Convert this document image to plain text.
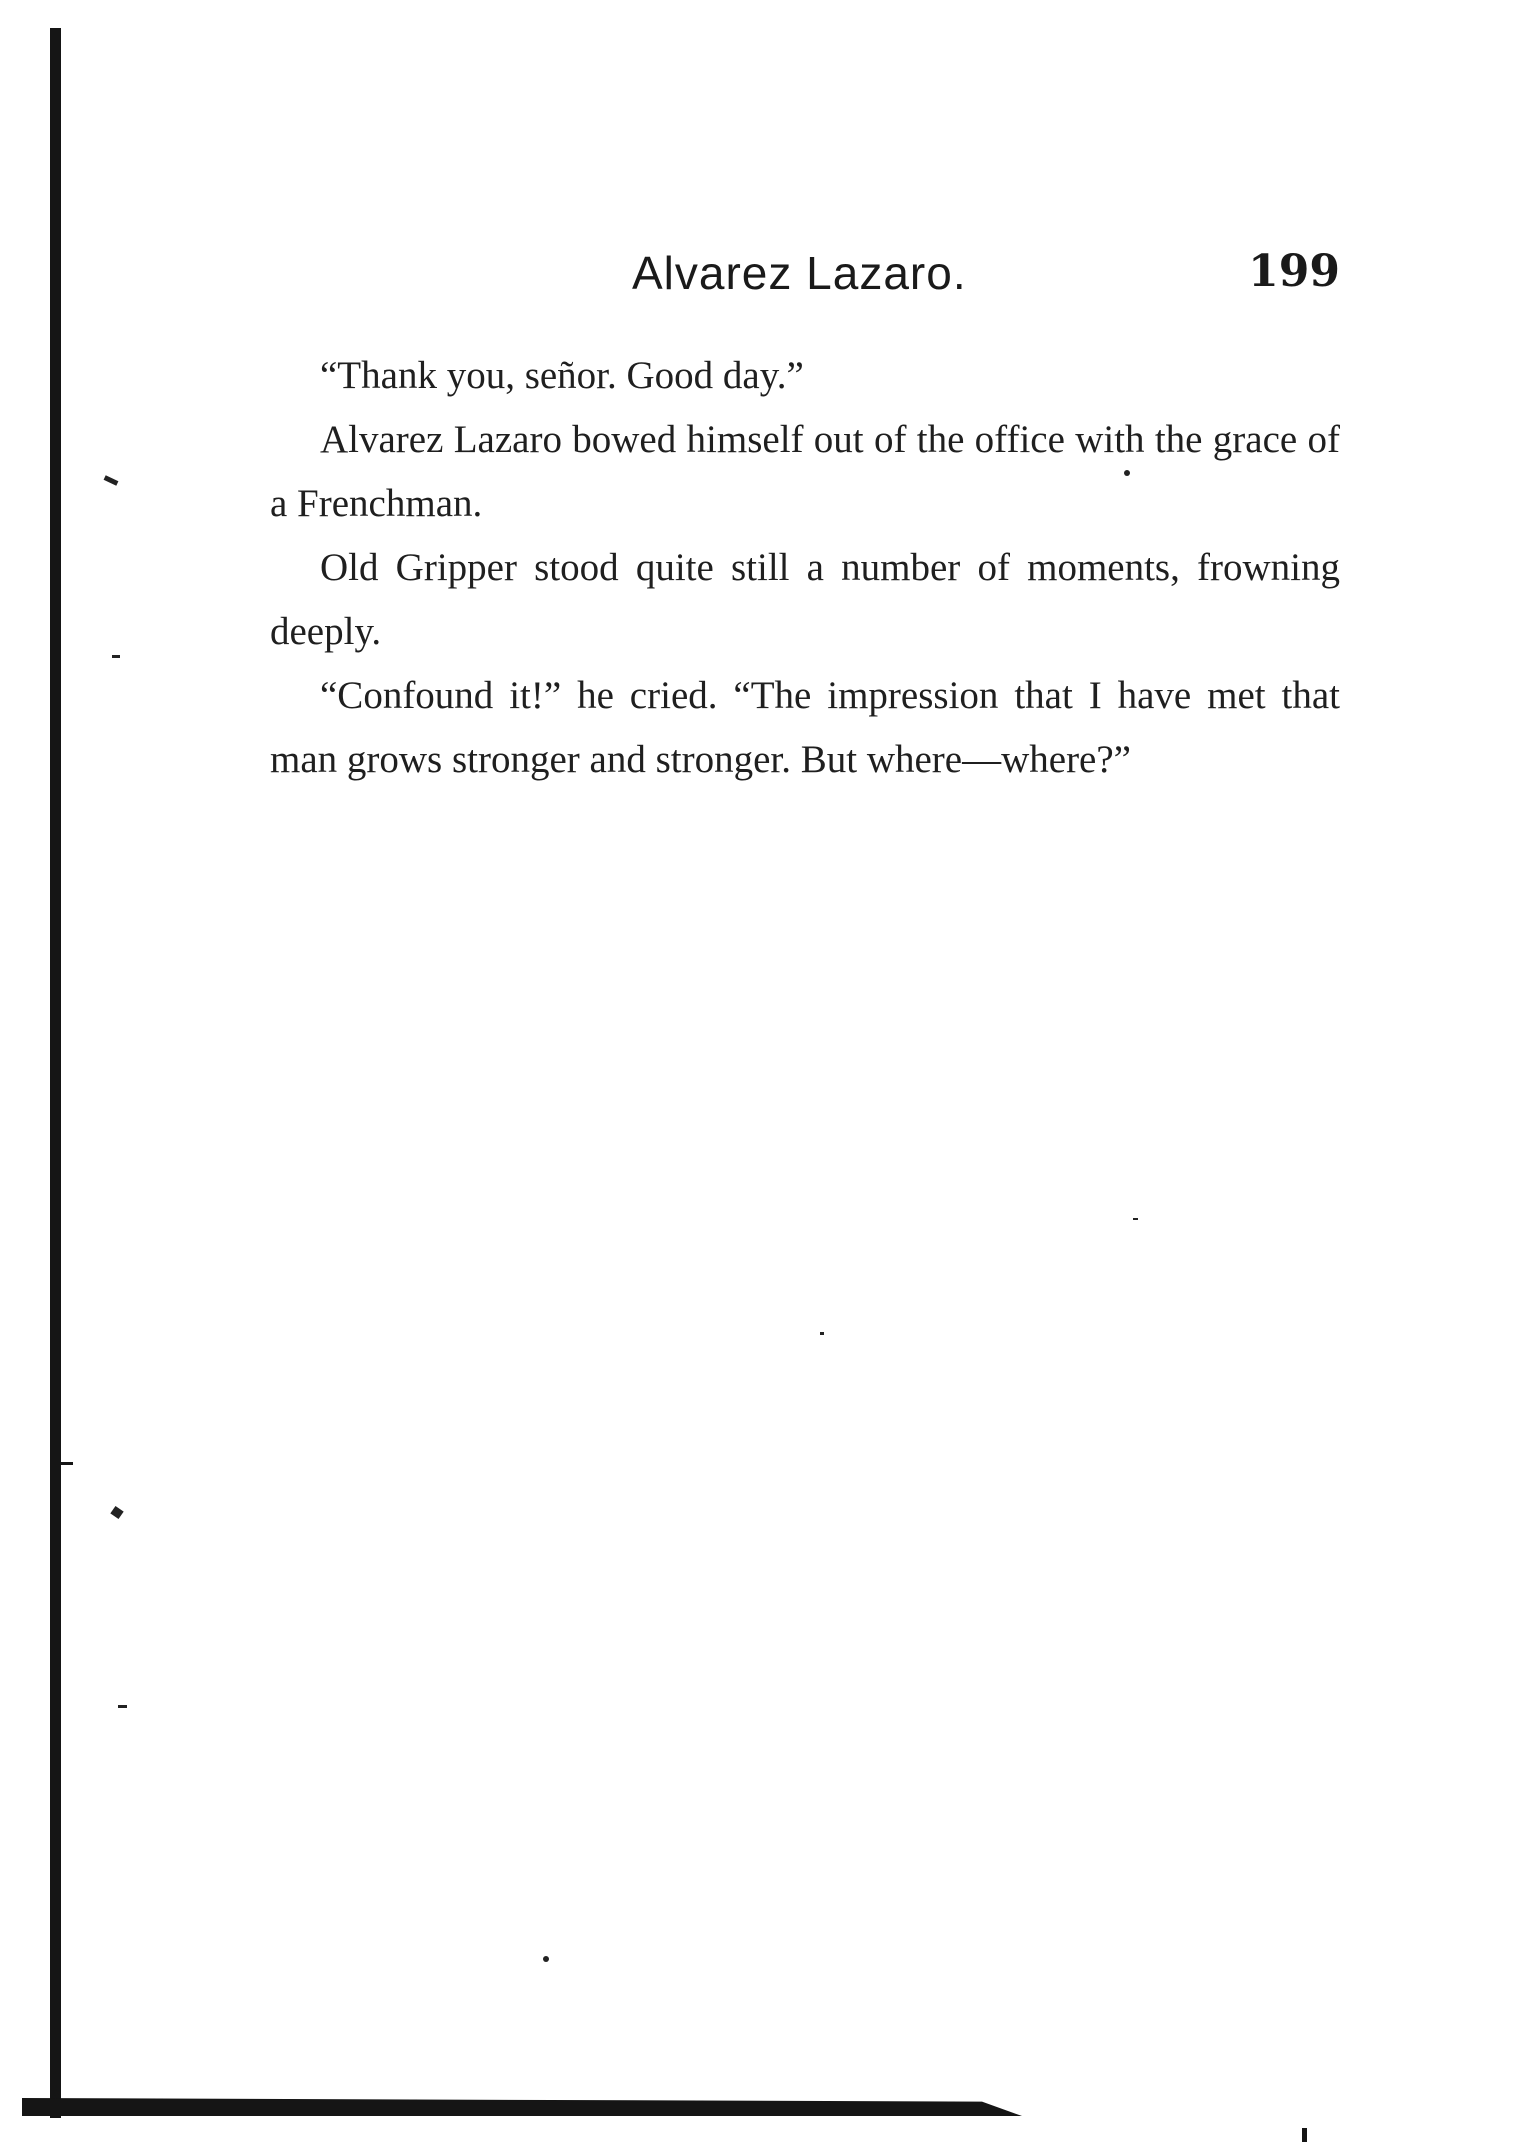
Alvarez Lazaro.	199

“Thank you, señor. Good day.”

Alvarez Lazaro bowed himself out of the office with the grace of a Frenchman.

Old Gripper stood quite still a number of moments, frowning deeply.

“Confound it!” he cried. “The impression that I have met that man grows stronger and stronger. But where—where?”
